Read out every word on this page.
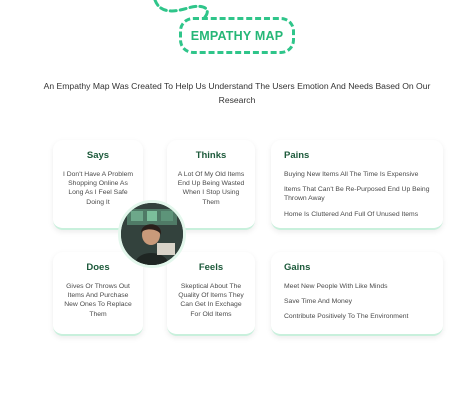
EMPATHY MAP
An Empathy Map Was Created To Help Us Understand The Users Emotion And Needs Based On Our Research
Says

I Don't Have A Problem Shopping Online As Long As I Feel Safe Doing It

Thinks

A Lot Of My Old Items End Up Being Wasted When I Stop Using Them

Pains

Buying New Items All The Time Is Expensive

Items That Can't Be Re-Purposed End Up Being Thrown Away

Home Is Cluttered And Full Of Unused Items

Does

Gives Or Throws Out Items And Purchase New Ones To Replace Them

Feels

Skeptical About The Quality Of Items They Can Get In Exchage For Old Items

Gains

Meet New People With Like Minds

Save Time And Money

Contribute Positively To The Environment
